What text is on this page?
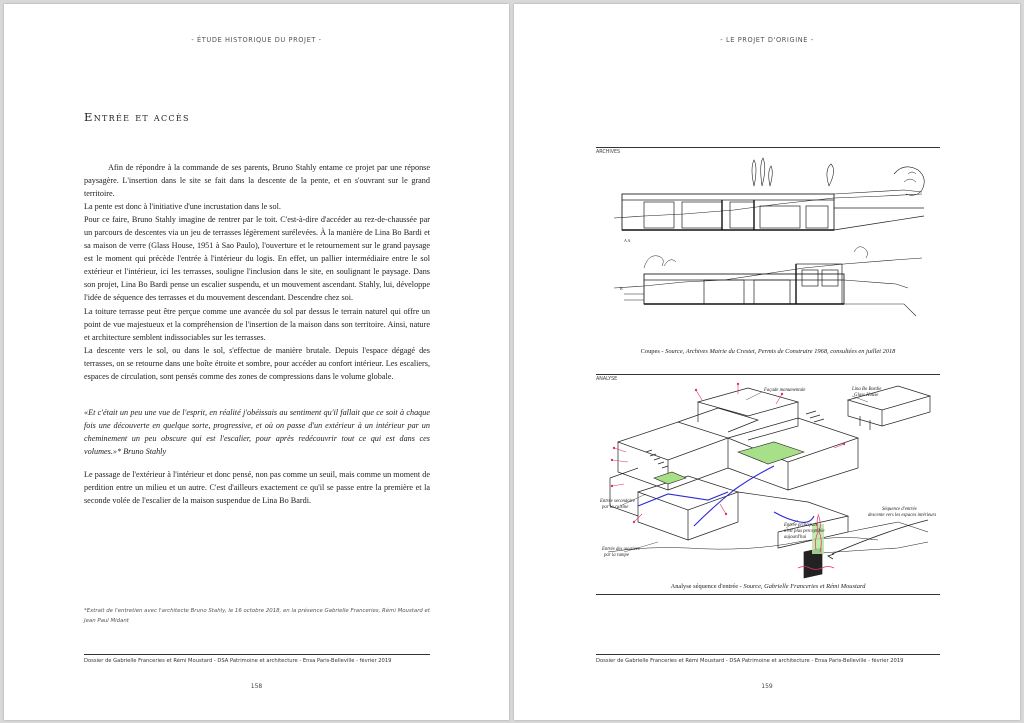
- ÉTUDE HISTORIQUE DU PROJET -
Entrée et accès

Afin de répondre à la commande de ses parents, Bruno Stahly entame ce projet par une réponse paysagère. L'insertion dans le site se fait dans la descente de la pente, et en s'ouvrant sur le grand territoire.

La pente est donc à l'initiative d'une incrustation dans le sol.

Pour ce faire, Bruno Stahly imagine de rentrer par le toit. C'est-à-dire d'accéder au rez-de-chaussée par un parcours de descentes via un jeu de terrasses légèrement surélevées. À la manière de Lina Bo Bardi et sa maison de verre (Glass House, 1951 à Sao Paulo), l'ouverture et le retournement sur le grand paysage est le moment qui précède l'entrée à l'intérieur du logis. En effet, un pallier intermédiaire entre le sol extérieur et l'intérieur, ici les terrasses, souligne l'inclusion dans le site, en soulignant le paysage. Dans son projet, Lina Bo Bardi pense un escalier suspendu, et un mouvement ascendant. Stahly, lui, développe l'idée de séquence des terrasses et du mouvement descendant. Descendre chez soi.

La toiture terrasse peut être perçue comme une avancée du sol par dessus le terrain naturel qui offre un point de vue majestueux et la compréhension de l'insertion de la maison dans son territoire. Ainsi, nature et architecture semblent indissociables sur les terrasses.

La descente vers le sol, ou dans le sol, s'effectue de manière brutale. Depuis l'espace dégagé des terrasses, on se retourne dans une boîte étroite et sombre, pour accéder au confort intérieur. Les escaliers, espaces de circulation, sont pensés comme des zones de compressions dans le volume globale.

«Et c'était un peu une vue de l'esprit, en réalité j'obéissais au sentiment qu'il fallait que ce soit à chaque fois une découverte en quelque sorte, progressive, et où on passe d'un extérieur à un intérieur par un cheminement un peu obscure qui est l'escalier, pour après redécouvrir tout ce qui est dans ces volumes.»* Bruno Stahly
Le passage de l'extérieur à l'intérieur et donc pensé, non pas comme un seuil, mais comme un moment de perdition entre un milieu et un autre. C'est d'ailleurs exactement ce qu'il se passe entre la première et la seconde volée de l'escalier de la maison suspendue de Lina Bo Bardi.
*Extrait de l'entretien avec l'architecte Bruno Stahly, le 16 octobre 2018, en la présence Gabrielle Franceries, Rémi Moustard et Jean Paul Midant
Dossier de Gabrielle Franceries et Rémi Moustard - DSA Patrimoine et architecture - Ensa Paris-Belleville - février 2019
158
- LE PROJET D'ORIGINE -
ARCHIVES
A A
B
Coupes - Source, Archives Mairie du Crestet, Permis de Construire 1968, consultées en juillet 2018
ANALYSE
Façade monumentale	Lina Bo Bardie
Glass House
Entrée secondaire
par la cuisine
Entrée principale
n'est plus perceptible
aujourd'hui
Entrée des ouvriers
par la rampe
Séquence d'entrée
descente vers les espaces intérieurs
Analyse séquence d'entrée - Source, Gabrielle Franceries et Rémi Moustard
Dossier de Gabrielle Franceries et Rémi Moustard - DSA Patrimoine et architecture - Ensa Paris-Belleville - février 2019
159
